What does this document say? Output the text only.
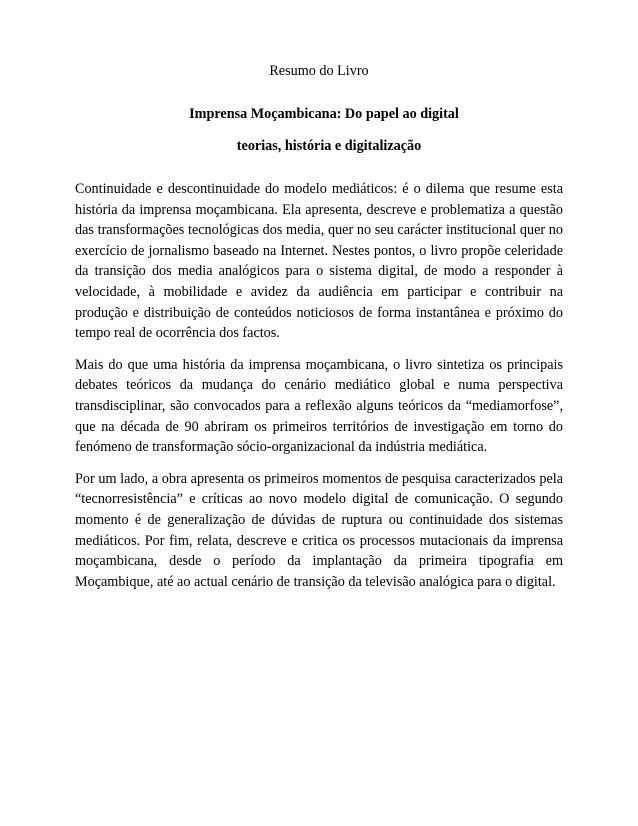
Resumo do Livro
Imprensa Moçambicana: Do papel ao digital
teorias, história e digitalização

Continuidade e descontinuidade do modelo mediáticos: é o dilema que resume esta história da imprensa moçambicana. Ela apresenta, descreve e problematiza a questão das transformações tecnológicas dos media, quer no seu carácter institucional quer no exercício de jornalismo baseado na Internet. Nestes pontos, o livro propõe celeridade da transição dos media analógicos para o sistema digital, de modo a responder à velocidade, à mobilidade e avidez da audiência em participar e contribuir na produção e distribuição de conteúdos noticiosos de forma instantânea e próximo do tempo real de ocorrência dos factos.

Mais do que uma história da imprensa moçambicana, o livro sintetiza os principais debates teóricos da mudança do cenário mediático global e numa perspectiva transdisciplinar, são convocados para a reflexão alguns teóricos da “mediamorfose”, que na década de 90 abriram os primeiros territórios de investigação em torno do fenómeno de transformação sócio-organizacional da indústria mediática.

Por um lado, a obra apresenta os primeiros momentos de pesquisa caracterizados pela “tecnorresistência” e críticas ao novo modelo digital de comunicação. O segundo momento é de generalização de dúvidas de ruptura ou continuidade dos sistemas mediáticos. Por fim, relata, descreve e critica os processos mutacionais da imprensa moçambicana, desde o período da implantação da primeira tipografia em Moçambique, até ao actual cenário de transição da televisão analógica para o digital.
